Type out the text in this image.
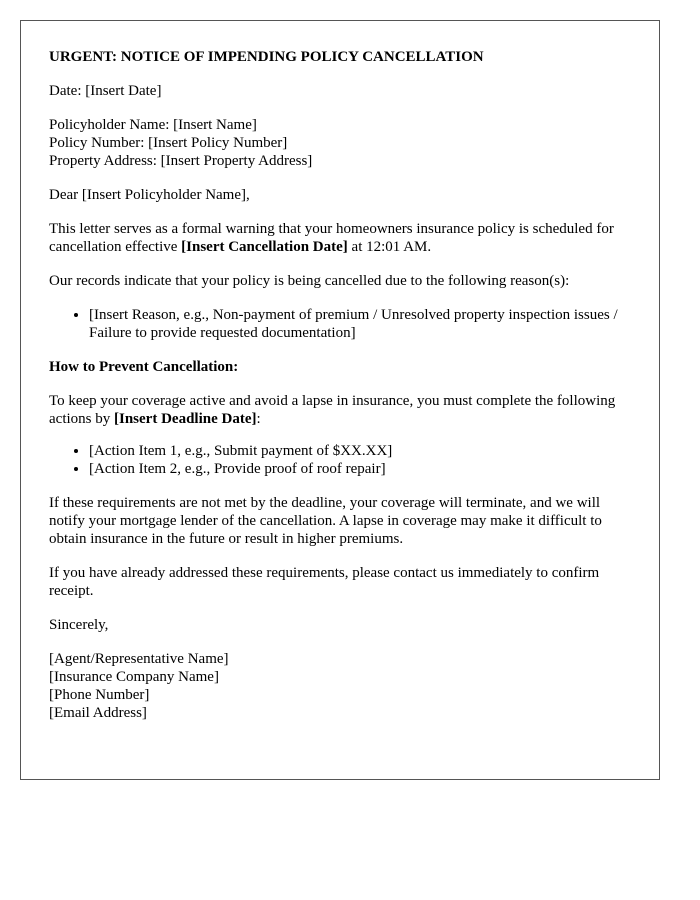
URGENT: NOTICE OF IMPENDING POLICY CANCELLATION

Date: [Insert Date]

Policyholder Name: [Insert Name]
Policy Number: [Insert Policy Number]
Property Address: [Insert Property Address]

Dear [Insert Policyholder Name],

This letter serves as a formal warning that your homeowners insurance policy is scheduled for cancellation effective [Insert Cancellation Date] at 12:01 AM.

Our records indicate that your policy is being cancelled due to the following reason(s):

• [Insert Reason, e.g., Non-payment of premium / Unresolved property inspection issues / Failure to provide requested documentation]

How to Prevent Cancellation:

To keep your coverage active and avoid a lapse in insurance, you must complete the following actions by [Insert Deadline Date]:

• [Action Item 1, e.g., Submit payment of $XX.XX]
• [Action Item 2, e.g., Provide proof of roof repair]

If these requirements are not met by the deadline, your coverage will terminate, and we will notify your mortgage lender of the cancellation. A lapse in coverage may make it difficult to obtain insurance in the future or result in higher premiums.

If you have already addressed these requirements, please contact us immediately to confirm receipt.

Sincerely,

[Agent/Representative Name]
[Insurance Company Name]
[Phone Number]
[Email Address]
